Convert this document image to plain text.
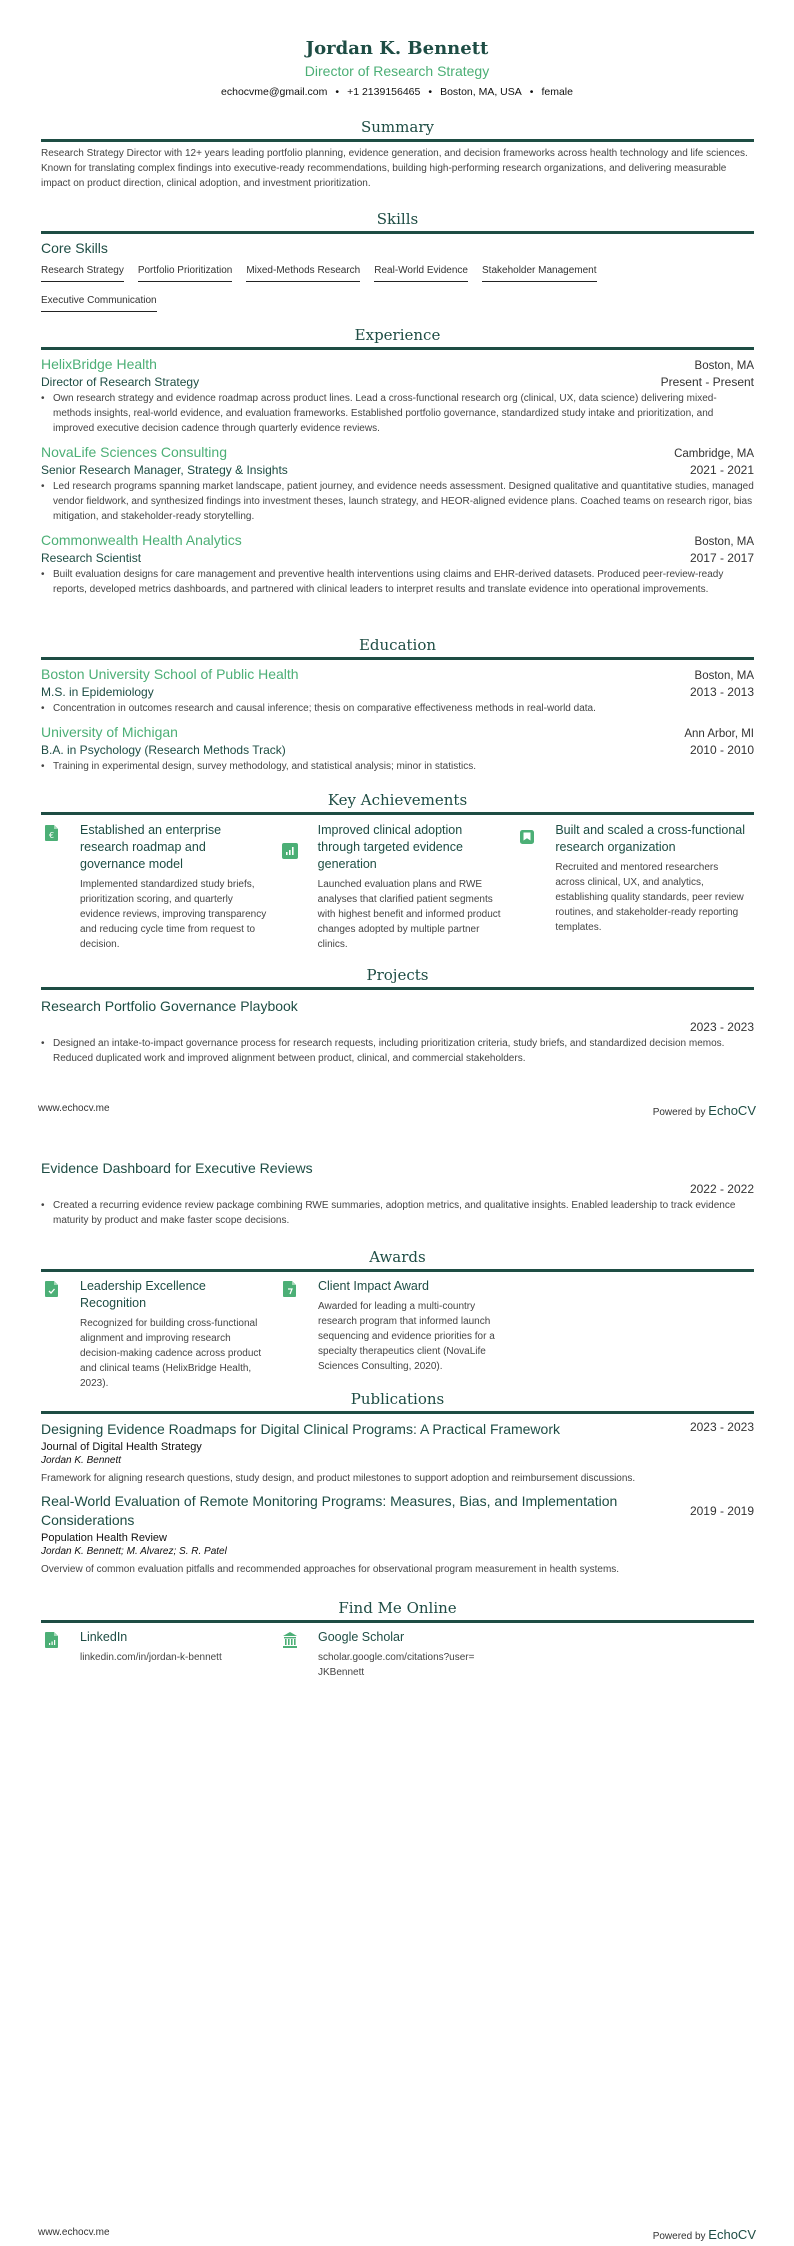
Jordan K. Bennett
Director of Research Strategy
echocvme@gmail.com • +1 2139156465 • Boston, MA, USA • female
Summary
Research Strategy Director with 12+ years leading portfolio planning, evidence generation, and decision frameworks across health technology and life sciences. Known for translating complex findings into executive-ready recommendations, building high-performing research organizations, and delivering measurable impact on product direction, clinical adoption, and investment prioritization.
Skills
Core Skills
Research Strategy Portfolio Prioritization Mixed-Methods Research Real-World Evidence Stakeholder ManagementExecutive Communication
Experience
HelixBridge Health	Boston, MA
Director of Research Strategy	Present - Present
• Own research strategy and evidence roadmap across product lines. Lead a cross-functional research org (clinical, UX, data science) delivering mixed-methods insights, real-world evidence, and evaluation frameworks. Established portfolio governance, standardized study intake and prioritization, and improved executive decision cadence through quarterly evidence reviews.
NovaLife Sciences Consulting	Cambridge, MA
Senior Research Manager, Strategy & Insights	2021 - 2021
• Led research programs spanning market landscape, patient journey, and evidence needs assessment. Designed qualitative and quantitative studies, managed vendor fieldwork, and synthesized findings into investment theses, launch strategy, and HEOR-aligned evidence plans. Coached teams on research rigor, bias mitigation, and stakeholder-ready storytelling.
Commonwealth Health Analytics	Boston, MA
Research Scientist	2017 - 2017
• Built evaluation designs for care management and preventive health interventions using claims and EHR-derived datasets. Produced peer-review-ready reports, developed metrics dashboards, and partnered with clinical leaders to interpret results and translate evidence into operational improvements.
Education
Boston University School of Public Health	Boston, MA
M.S. in Epidemiology	2013 - 2013
• Concentration in outcomes research and causal inference; thesis on comparative effectiveness methods in real-world data.
University of Michigan	Ann Arbor, MI
B.A. in Psychology (Research Methods Track)	2010 - 2010
• Training in experimental design, survey methodology, and statistical analysis; minor in statistics.
Key Achievements
€ Established an enterprise research roadmap and governance model
Implemented standardized study briefs, prioritization scoring, and quarterly evidence reviews, improving transparency and reducing cycle time from request to decision.
Improved clinical adoption through targeted evidence generation
Launched evaluation plans and RWE analyses that clarified patient segments with highest benefit and informed product changes adopted by multiple partner clinics.
Built and scaled a cross-functional research organization
Recruited and mentored researchers across clinical, UX, and analytics, establishing quality standards, peer review routines, and stakeholder-ready reporting templates.
Projects
Research Portfolio Governance Playbook
2023 - 2023
• Designed an intake-to-impact governance process for research requests, including prioritization criteria, study briefs, and standardized decision memos. Reduced duplicated work and improved alignment between product, clinical, and commercial stakeholders.
www.echocv.me	Powered by EchoCV
Evidence Dashboard for Executive Reviews
2022 - 2022
• Created a recurring evidence review package combining RWE summaries, adoption metrics, and qualitative insights. Enabled leadership to track evidence maturity by product and make faster scope decisions.
Awards
Leadership Excellence Recognition
Recognized for building cross-functional alignment and improving research decision-making cadence across product and clinical teams (HelixBridge Health, 2023).
Client Impact Award
Awarded for leading a multi-country research program that informed launch sequencing and evidence priorities for a specialty therapeutics client (NovaLife Sciences Consulting, 2020).
Publications
Designing Evidence Roadmaps for Digital Clinical Programs: A Practical Framework	2023 - 2023
Journal of Digital Health Strategy
Jordan K. Bennett
Framework for aligning research questions, study design, and product milestones to support adoption and reimbursement discussions.
Real-World Evaluation of Remote Monitoring Programs: Measures, Bias, and Implementation Considerations
2019 - 2019
Population Health Review
Jordan K. Bennett; M. Alvarez; S. R. Patel
Overview of common evaluation pitfalls and recommended approaches for observational program measurement in health systems.
Find Me Online
LinkedIn
linkedin.com/in/jordan-k-bennett
Google Scholar
scholar.google.com/citations?user=JKBennett
www.echocv.me	Powered by EchoCV
